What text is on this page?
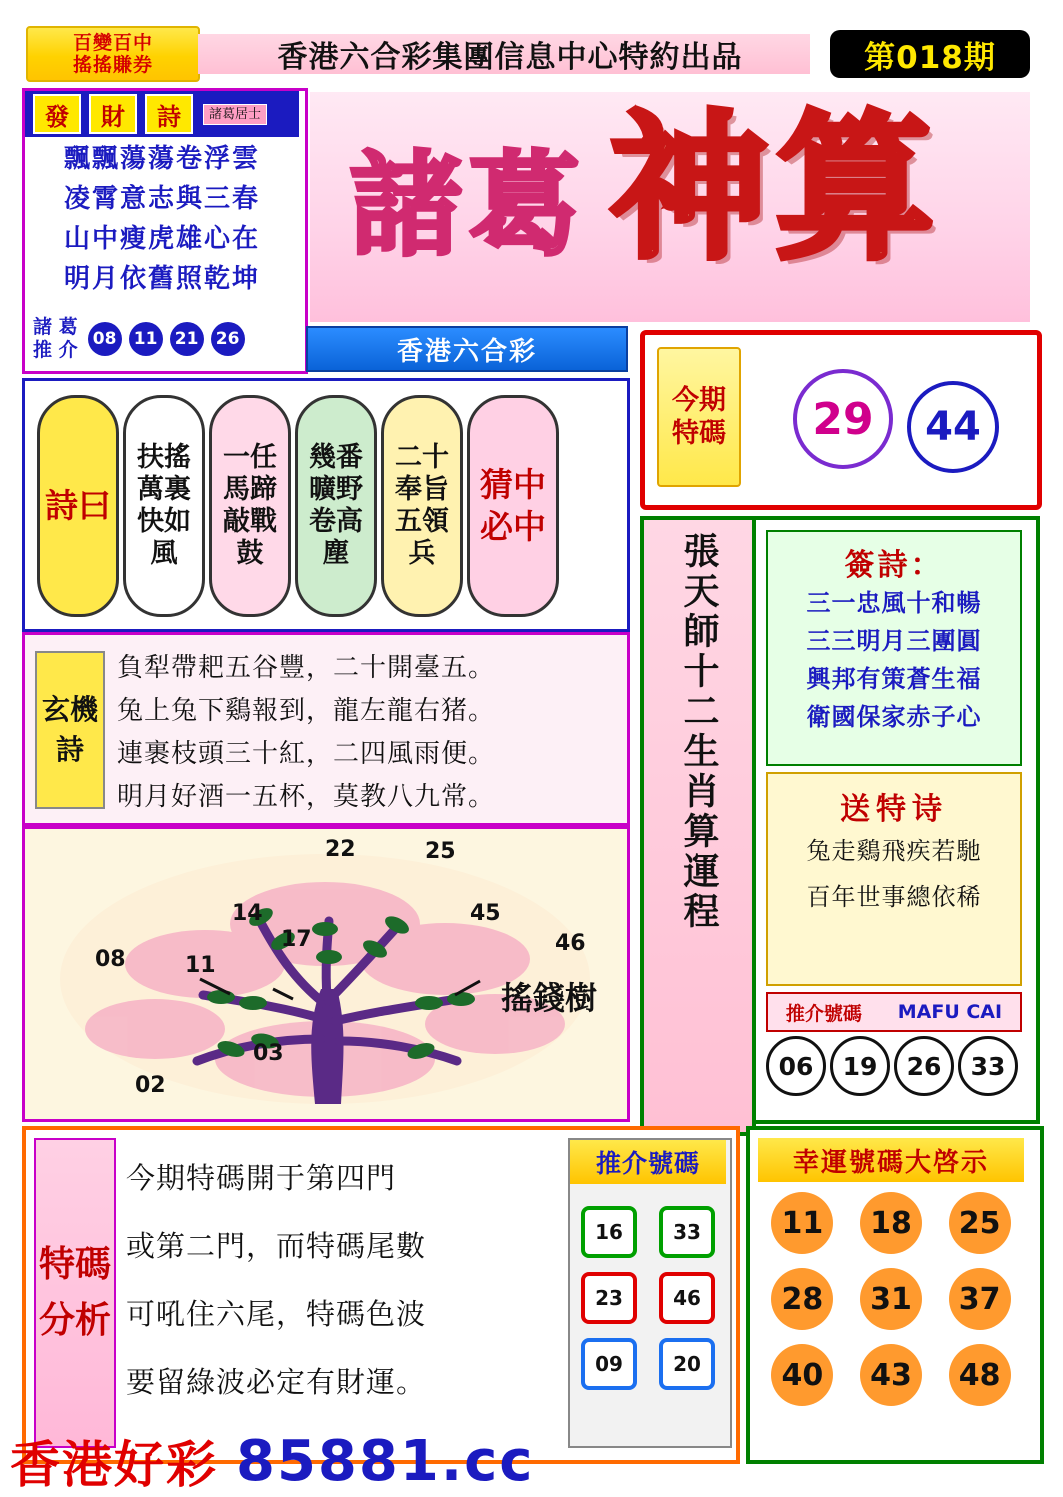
百變百中
搖搖賺券	香港六合彩集團信息中心特約出品	第018期
發	財	詩	諸葛居士
飄飄蕩蕩卷浮雲
凌霄意志與三春
山中瘦虎雄心在
明月依舊照乾坤
諸 葛
推 介 08	11	21	26
諸葛 神算
香港六合彩
今期特碼	29	44
詩曰
扶搖萬裏快如風
一任馬蹄敲戰鼓
幾番曠野卷高塵
二十奉旨五領兵
猜中必中
玄機詩
負犁帶耙五谷豐，二十開臺五。
兔上兔下鷄報到，龍左龍右猪。
連裹枝頭三十紅，二四風雨便。
明月好酒一五杯，莫教八九常。
22	25
14	45
46
17
08	11
03
02
搖錢樹
張天師十二生肖算運程	簽詩：
三一忠風十和暢
三三明月三團圓
興邦有策蒼生福
衛國保家赤子心
送特诗
兔走鷄飛疾若馳
百年世事總依稀
推介號碼 MAFU CAI
06	19	26	33
特碼分析
今期特碼開于第四門
或第二門，而特碼尾數
可吼住六尾，特碼色波
要留綠波必定有財運。
推介號碼
16	33
23	46
09	20
幸運號碼大啓示
11	18	25
28	31	37
40	43	48
香港好彩 85881.cc
